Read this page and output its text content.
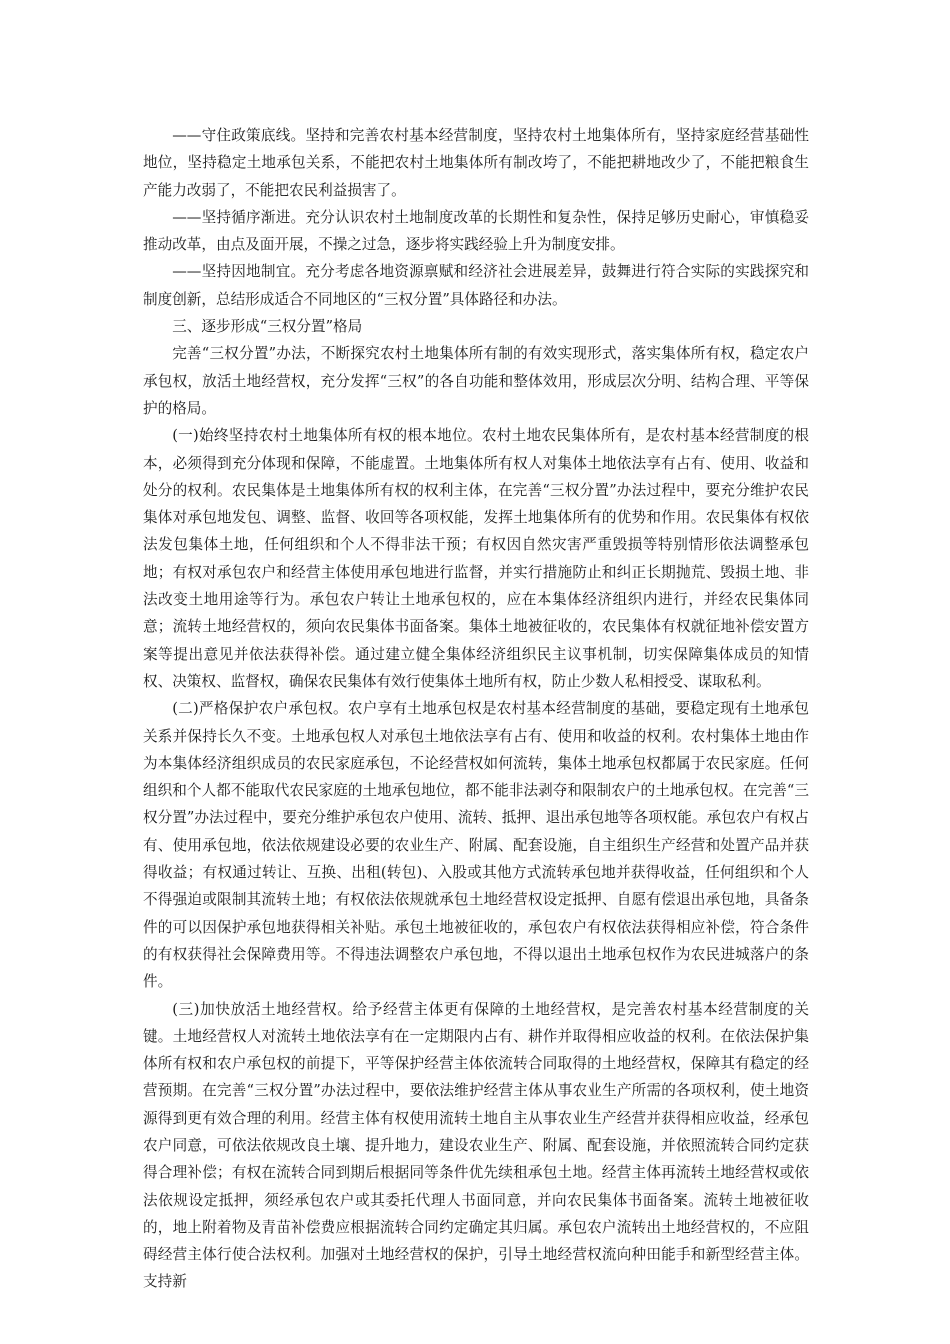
——守住政策底线。坚持和完善农村基本经营制度，坚持农村土地集体所有，坚持家庭经营基础性地位，坚持稳定土地承包关系，不能把农村土地集体所有制改垮了，不能把耕地改少了，不能把粮食生产能力改弱了，不能把农民利益损害了。

——坚持循序渐进。充分认识农村土地制度改革的长期性和复杂性，保持足够历史耐心，审慎稳妥推动改革，由点及面开展，不操之过急，逐步将实践经验上升为制度安排。

——坚持因地制宜。充分考虑各地资源禀赋和经济社会进展差异，鼓舞进行符合实际的实践探究和制度创新，总结形成适合不同地区的“三权分置”具体路径和办法。

三、逐步形成“三权分置”格局

完善“三权分置”办法，不断探究农村土地集体所有制的有效实现形式，落实集体所有权，稳定农户承包权，放活土地经营权，充分发挥“三权”的各自功能和整体效用，形成层次分明、结构合理、平等保护的格局。

(一)始终坚持农村土地集体所有权的根本地位。农村土地农民集体所有，是农村基本经营制度的根本，必须得到充分体现和保障，不能虚置。土地集体所有权人对集体土地依法享有占有、使用、收益和处分的权利。农民集体是土地集体所有权的权利主体，在完善“三权分置”办法过程中，要充分维护农民集体对承包地发包、调整、监督、收回等各项权能，发挥土地集体所有的优势和作用。农民集体有权依法发包集体土地，任何组织和个人不得非法干预；有权因自然灾害严重毁损等特别情形依法调整承包地；有权对承包农户和经营主体使用承包地进行监督，并实行措施防止和纠正长期抛荒、毁损土地、非法改变土地用途等行为。承包农户转让土地承包权的，应在本集体经济组织内进行，并经农民集体同意；流转土地经营权的，须向农民集体书面备案。集体土地被征收的，农民集体有权就征地补偿安置方案等提出意见并依法获得补偿。通过建立健全集体经济组织民主议事机制，切实保障集体成员的知情权、决策权、监督权，确保农民集体有效行使集体土地所有权，防止少数人私相授受、谋取私利。

(二)严格保护农户承包权。农户享有土地承包权是农村基本经营制度的基础，要稳定现有土地承包关系并保持长久不变。土地承包权人对承包土地依法享有占有、使用和收益的权利。农村集体土地由作为本集体经济组织成员的农民家庭承包，不论经营权如何流转，集体土地承包权都属于农民家庭。任何组织和个人都不能取代农民家庭的土地承包地位，都不能非法剥夺和限制农户的土地承包权。在完善“三权分置”办法过程中，要充分维护承包农户使用、流转、抵押、退出承包地等各项权能。承包农户有权占有、使用承包地，依法依规建设必要的农业生产、附属、配套设施，自主组织生产经营和处置产品并获得收益；有权通过转让、互换、出租(转包)、入股或其他方式流转承包地并获得收益，任何组织和个人不得强迫或限制其流转土地；有权依法依规就承包土地经营权设定抵押、自愿有偿退出承包地，具备条件的可以因保护承包地获得相关补贴。承包土地被征收的，承包农户有权依法获得相应补偿，符合条件的有权获得社会保障费用等。不得违法调整农户承包地，不得以退出土地承包权作为农民进城落户的条件。

(三)加快放活土地经营权。给予经营主体更有保障的土地经营权，是完善农村基本经营制度的关键。土地经营权人对流转土地依法享有在一定期限内占有、耕作并取得相应收益的权利。在依法保护集体所有权和农户承包权的前提下，平等保护经营主体依流转合同取得的土地经营权，保障其有稳定的经营预期。在完善“三权分置”办法过程中，要依法维护经营主体从事农业生产所需的各项权利，使土地资源得到更有效合理的利用。经营主体有权使用流转土地自主从事农业生产经营并获得相应收益，经承包农户同意，可依法依规改良土壤、提升地力，建设农业生产、附属、配套设施，并依照流转合同约定获得合理补偿；有权在流转合同到期后根据同等条件优先续租承包土地。经营主体再流转土地经营权或依法依规设定抵押，须经承包农户或其委托代理人书面同意，并向农民集体书面备案。流转土地被征收的，地上附着物及青苗补偿费应根据流转合同约定确定其归属。承包农户流转出土地经营权的，不应阻碍经营主体行使合法权利。加强对土地经营权的保护，引导土地经营权流向种田能手和新型经营主体。支持新
